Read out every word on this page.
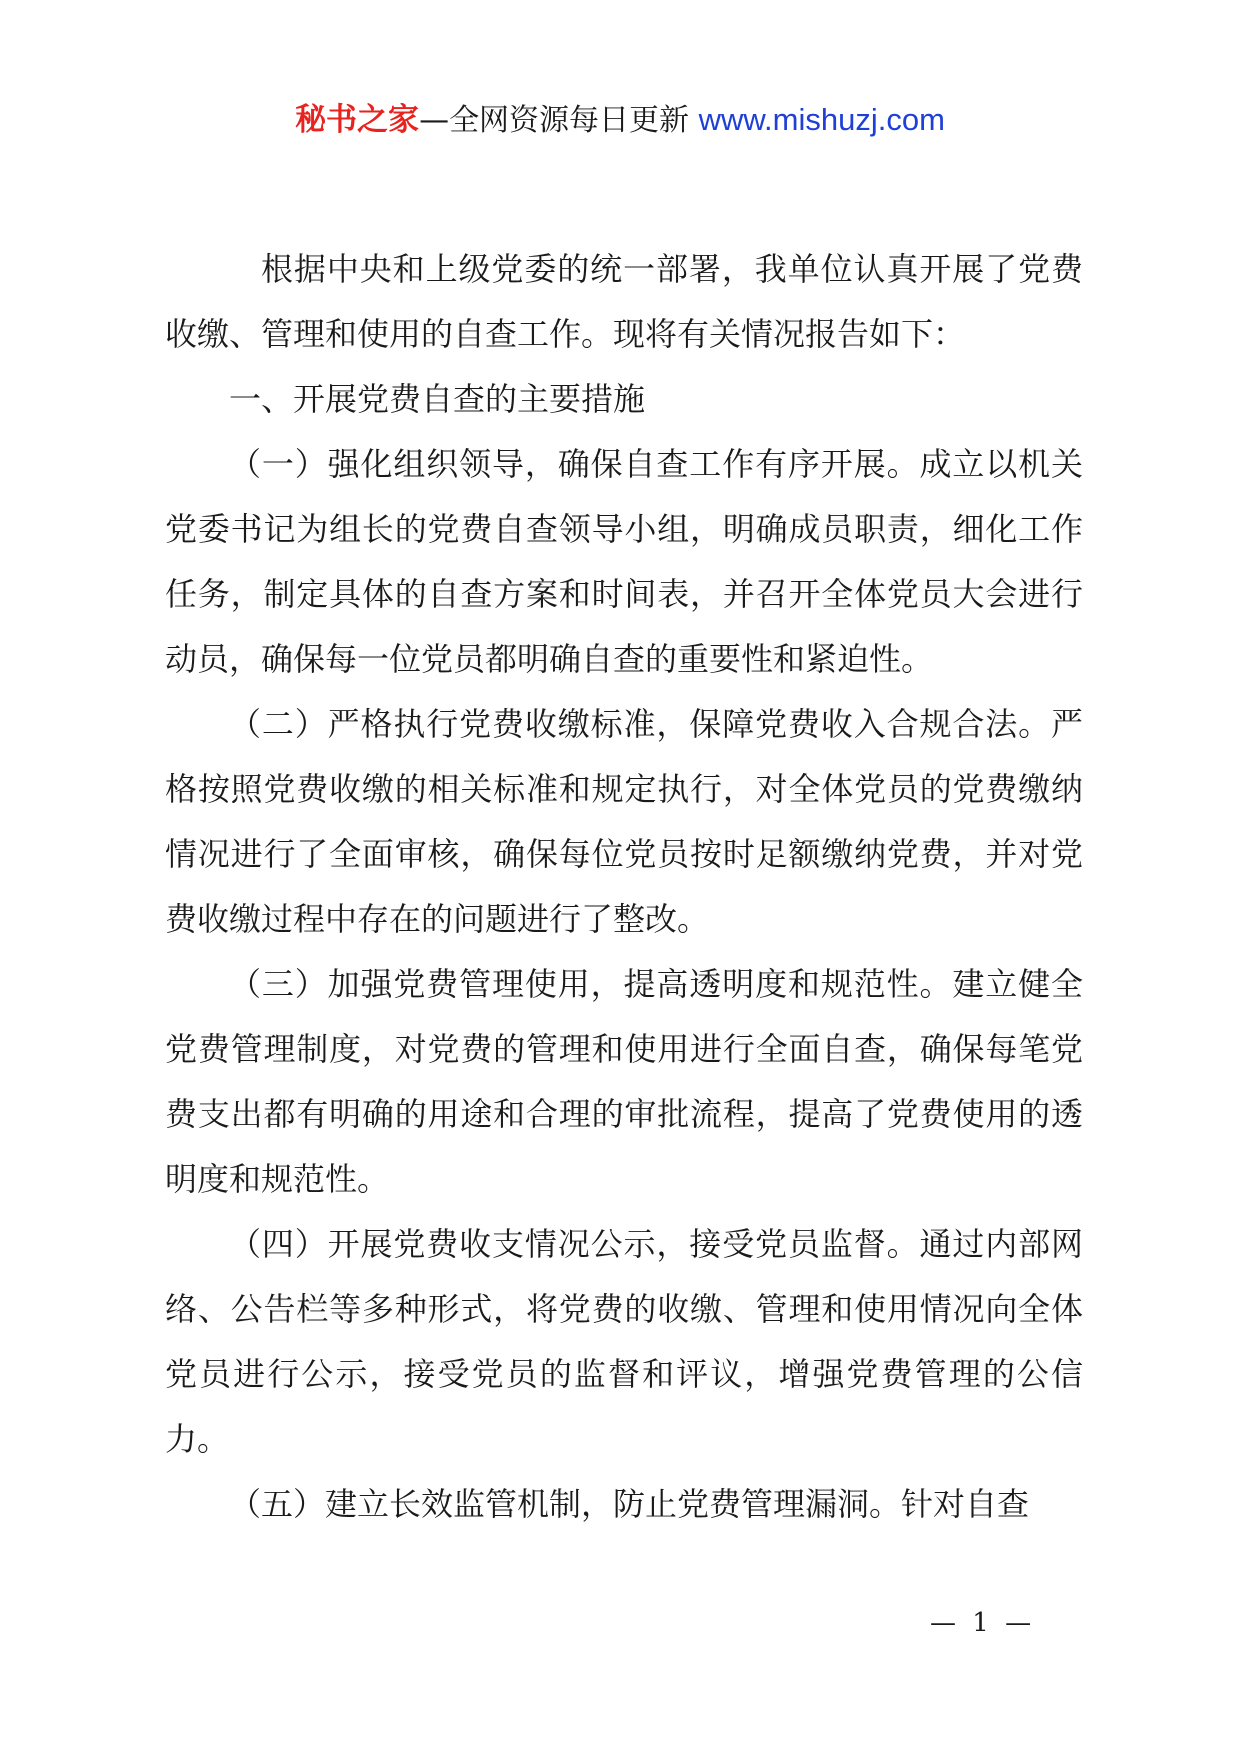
秘书之家—全网资源每日更新 www.mishuzj.com

根据中央和上级党委的统一部署，我单位认真开展了党费收缴、管理和使用的自查工作。现将有关情况报告如下：

一、开展党费自查的主要措施

（一）强化组织领导，确保自查工作有序开展。成立以机关党委书记为组长的党费自查领导小组，明确成员职责，细化工作任务，制定具体的自查方案和时间表，并召开全体党员大会进行动员，确保每一位党员都明确自查的重要性和紧迫性。

（二）严格执行党费收缴标准，保障党费收入合规合法。严格按照党费收缴的相关标准和规定执行，对全体党员的党费缴纳情况进行了全面审核，确保每位党员按时足额缴纳党费，并对党费收缴过程中存在的问题进行了整改。

（三）加强党费管理使用，提高透明度和规范性。建立健全党费管理制度，对党费的管理和使用进行全面自查，确保每笔党费支出都有明确的用途和合理的审批流程，提高了党费使用的透明度和规范性。

（四）开展党费收支情况公示，接受党员监督。通过内部网络、公告栏等多种形式，将党费的收缴、管理和使用情况向全体党员进行公示，接受党员的监督和评议，增强党费管理的公信力。

（五）建立长效监管机制，防止党费管理漏洞。针对自查

— 1 —
